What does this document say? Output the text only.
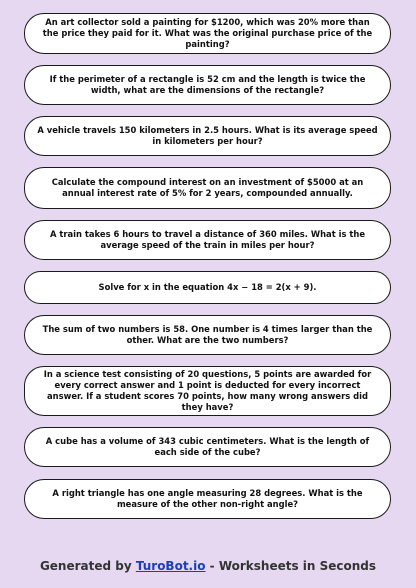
An art collector sold a painting for $1200, which was 20% more than the price they paid for it. What was the original purchase price of the painting?
If the perimeter of a rectangle is 52 cm and the length is twice the width, what are the dimensions of the rectangle?
A vehicle travels 150 kilometers in 2.5 hours. What is its average speed in kilometers per hour?
Calculate the compound interest on an investment of $5000 at an annual interest rate of 5% for 2 years, compounded annually.
A train takes 6 hours to travel a distance of 360 miles. What is the average speed of the train in miles per hour?
Solve for x in the equation 4x − 18 = 2(x + 9).
The sum of two numbers is 58. One number is 4 times larger than the other. What are the two numbers?
In a science test consisting of 20 questions, 5 points are awarded for every correct answer and 1 point is deducted for every incorrect answer. If a student scores 70 points, how many wrong answers did they have?
A cube has a volume of 343 cubic centimeters. What is the length of each side of the cube?
A right triangle has one angle measuring 28 degrees. What is the measure of the other non-right angle?
Generated by TuroBot.io - Worksheets in Seconds
